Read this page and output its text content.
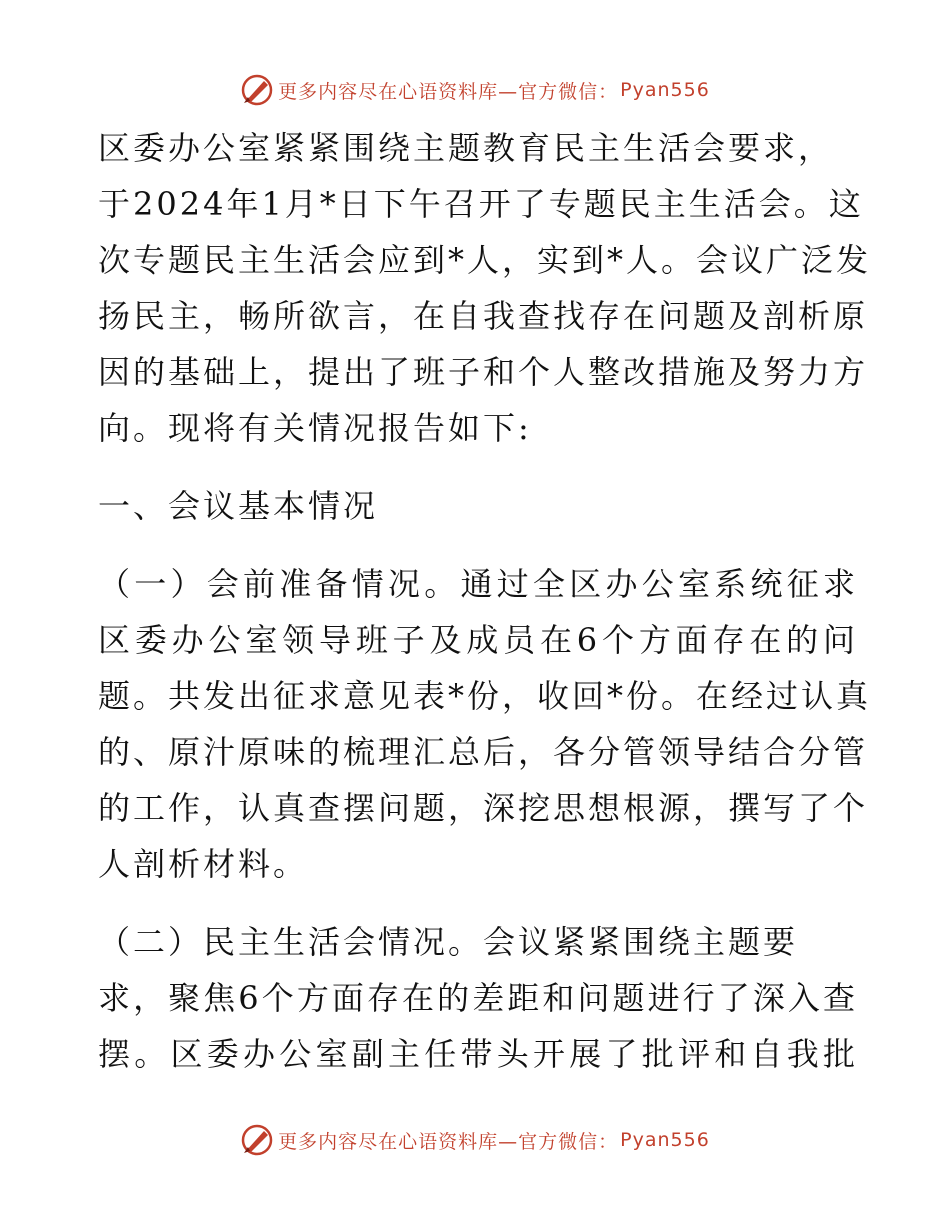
更多内容尽在心语资料库—官方微信： Pyan556

区委办公室紧紧围绕主题教育民主生活会要求，
于2024年1月*日下午召开了专题民主生活会。这
次专题民主生活会应到*人，实到*人。会议广泛发
扬民主，畅所欲言，在自我查找存在问题及剖析原
因的基础上，提出了班子和个人整改措施及努力方
向。现将有关情况报告如下:

一、会议基本情况

（一）会前准备情况。通过全区办公室系统征求
区委办公室领导班子及成员在6个方面存在的问
题。共发出征求意见表*份，收回*份。在经过认真
的、原汁原味的梳理汇总后，各分管领导结合分管
的工作，认真查摆问题，深挖思想根源，撰写了个
人剖析材料。

（二）民主生活会情况。会议紧紧围绕主题要
求，聚焦6个方面存在的差距和问题进行了深入查
摆。区委办公室副主任带头开展了批评和自我批

更多内容尽在心语资料库—官方微信： Pyan556
